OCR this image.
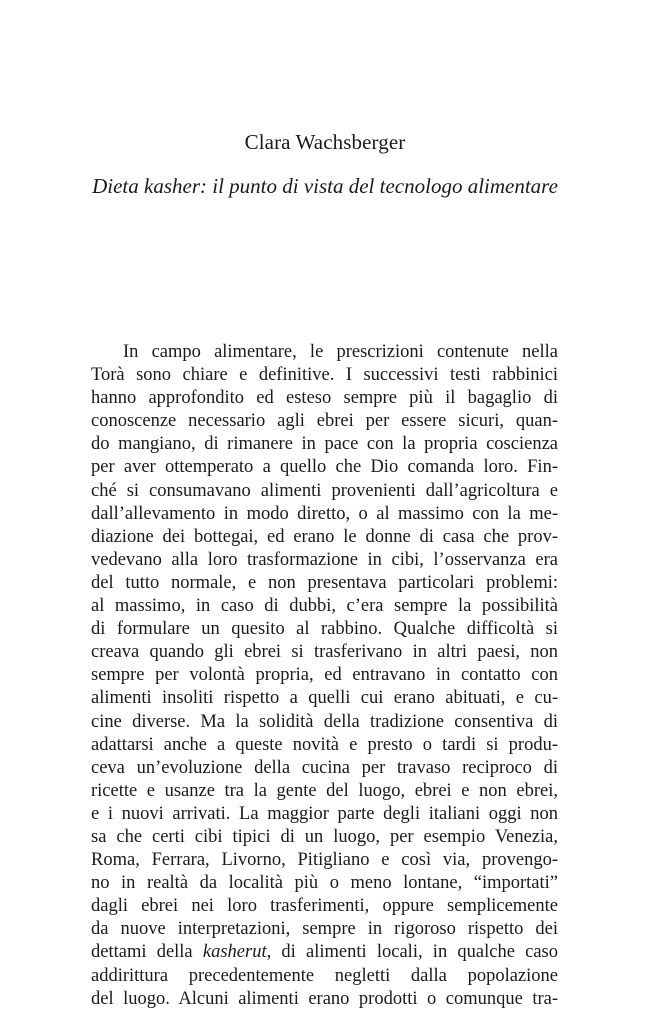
Clara Wachsberger
Dieta kasher: il punto di vista del tecnologo alimentare
In campo alimentare, le prescrizioni contenute nella
Torà sono chiare e definitive. I successivi testi rabbinici
hanno approfondito ed esteso sempre più il bagaglio di
conoscenze necessario agli ebrei per essere sicuri, quan-
do mangiano, di rimanere in pace con la propria coscienza
per aver ottemperato a quello che Dio comanda loro. Fin-
ché si consumavano alimenti provenienti dall’agricoltura e
dall’allevamento in modo diretto, o al massimo con la me-
diazione dei bottegai, ed erano le donne di casa che prov-
vedevano alla loro trasformazione in cibi, l’osservanza era
del tutto normale, e non presentava particolari problemi:
al massimo, in caso di dubbi, c’era sempre la possibilità
di formulare un quesito al rabbino. Qualche difficoltà si
creava quando gli ebrei si trasferivano in altri paesi, non
sempre per volontà propria, ed entravano in contatto con
alimenti insoliti rispetto a quelli cui erano abituati, e cu-
cine diverse. Ma la solidità della tradizione consentiva di
adattarsi anche a queste novità e presto o tardi si produ-
ceva un’evoluzione della cucina per travaso reciproco di
ricette e usanze tra la gente del luogo, ebrei e non ebrei,
e i nuovi arrivati. La maggior parte degli italiani oggi non
sa che certi cibi tipici di un luogo, per esempio Venezia,
Roma, Ferrara, Livorno, Pitigliano e così via, provengo-
no in realtà da località più o meno lontane, “importati”
dagli ebrei nei loro trasferimenti, oppure semplicemente
da nuove interpretazioni, sempre in rigoroso rispetto dei
dettami della kasherut, di alimenti locali, in qualche caso
addirittura precedentemente negletti dalla popolazione
del luogo. Alcuni alimenti erano prodotti o comunque tra-
